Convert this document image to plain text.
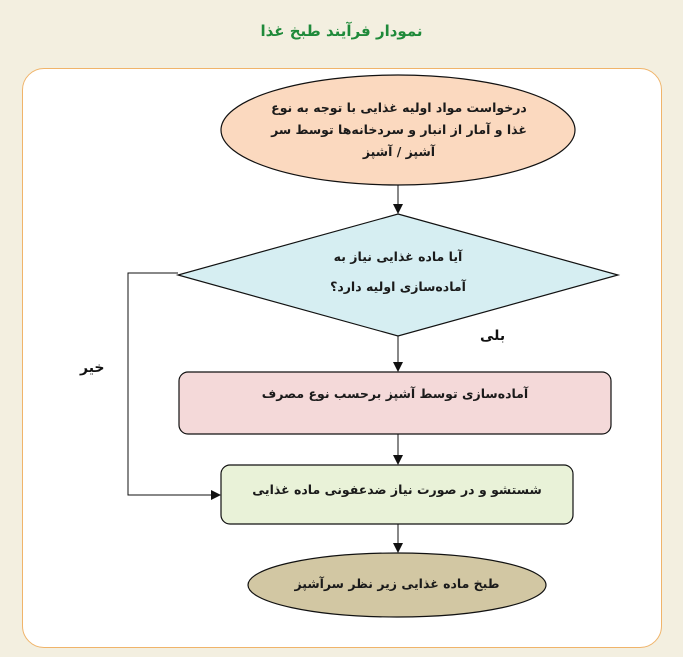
نمودار فرآیند طبخ غذا
درخواست مواد اولیه غذایی با توجه به نوع غذا و آمار از انبار و سردخانه‌ها توسط سر آشپز / آشپز
آیا ماده غذایی نیاز به آماده‌سازی اولیه دارد؟
آماده‌سازی توسط آشپز برحسب نوع مصرف
شستشو و در صورت نیاز ضدعفونی ماده غذایی
طبخ ماده غذایی زیر نظر سرآشپز
بلی
خیر
